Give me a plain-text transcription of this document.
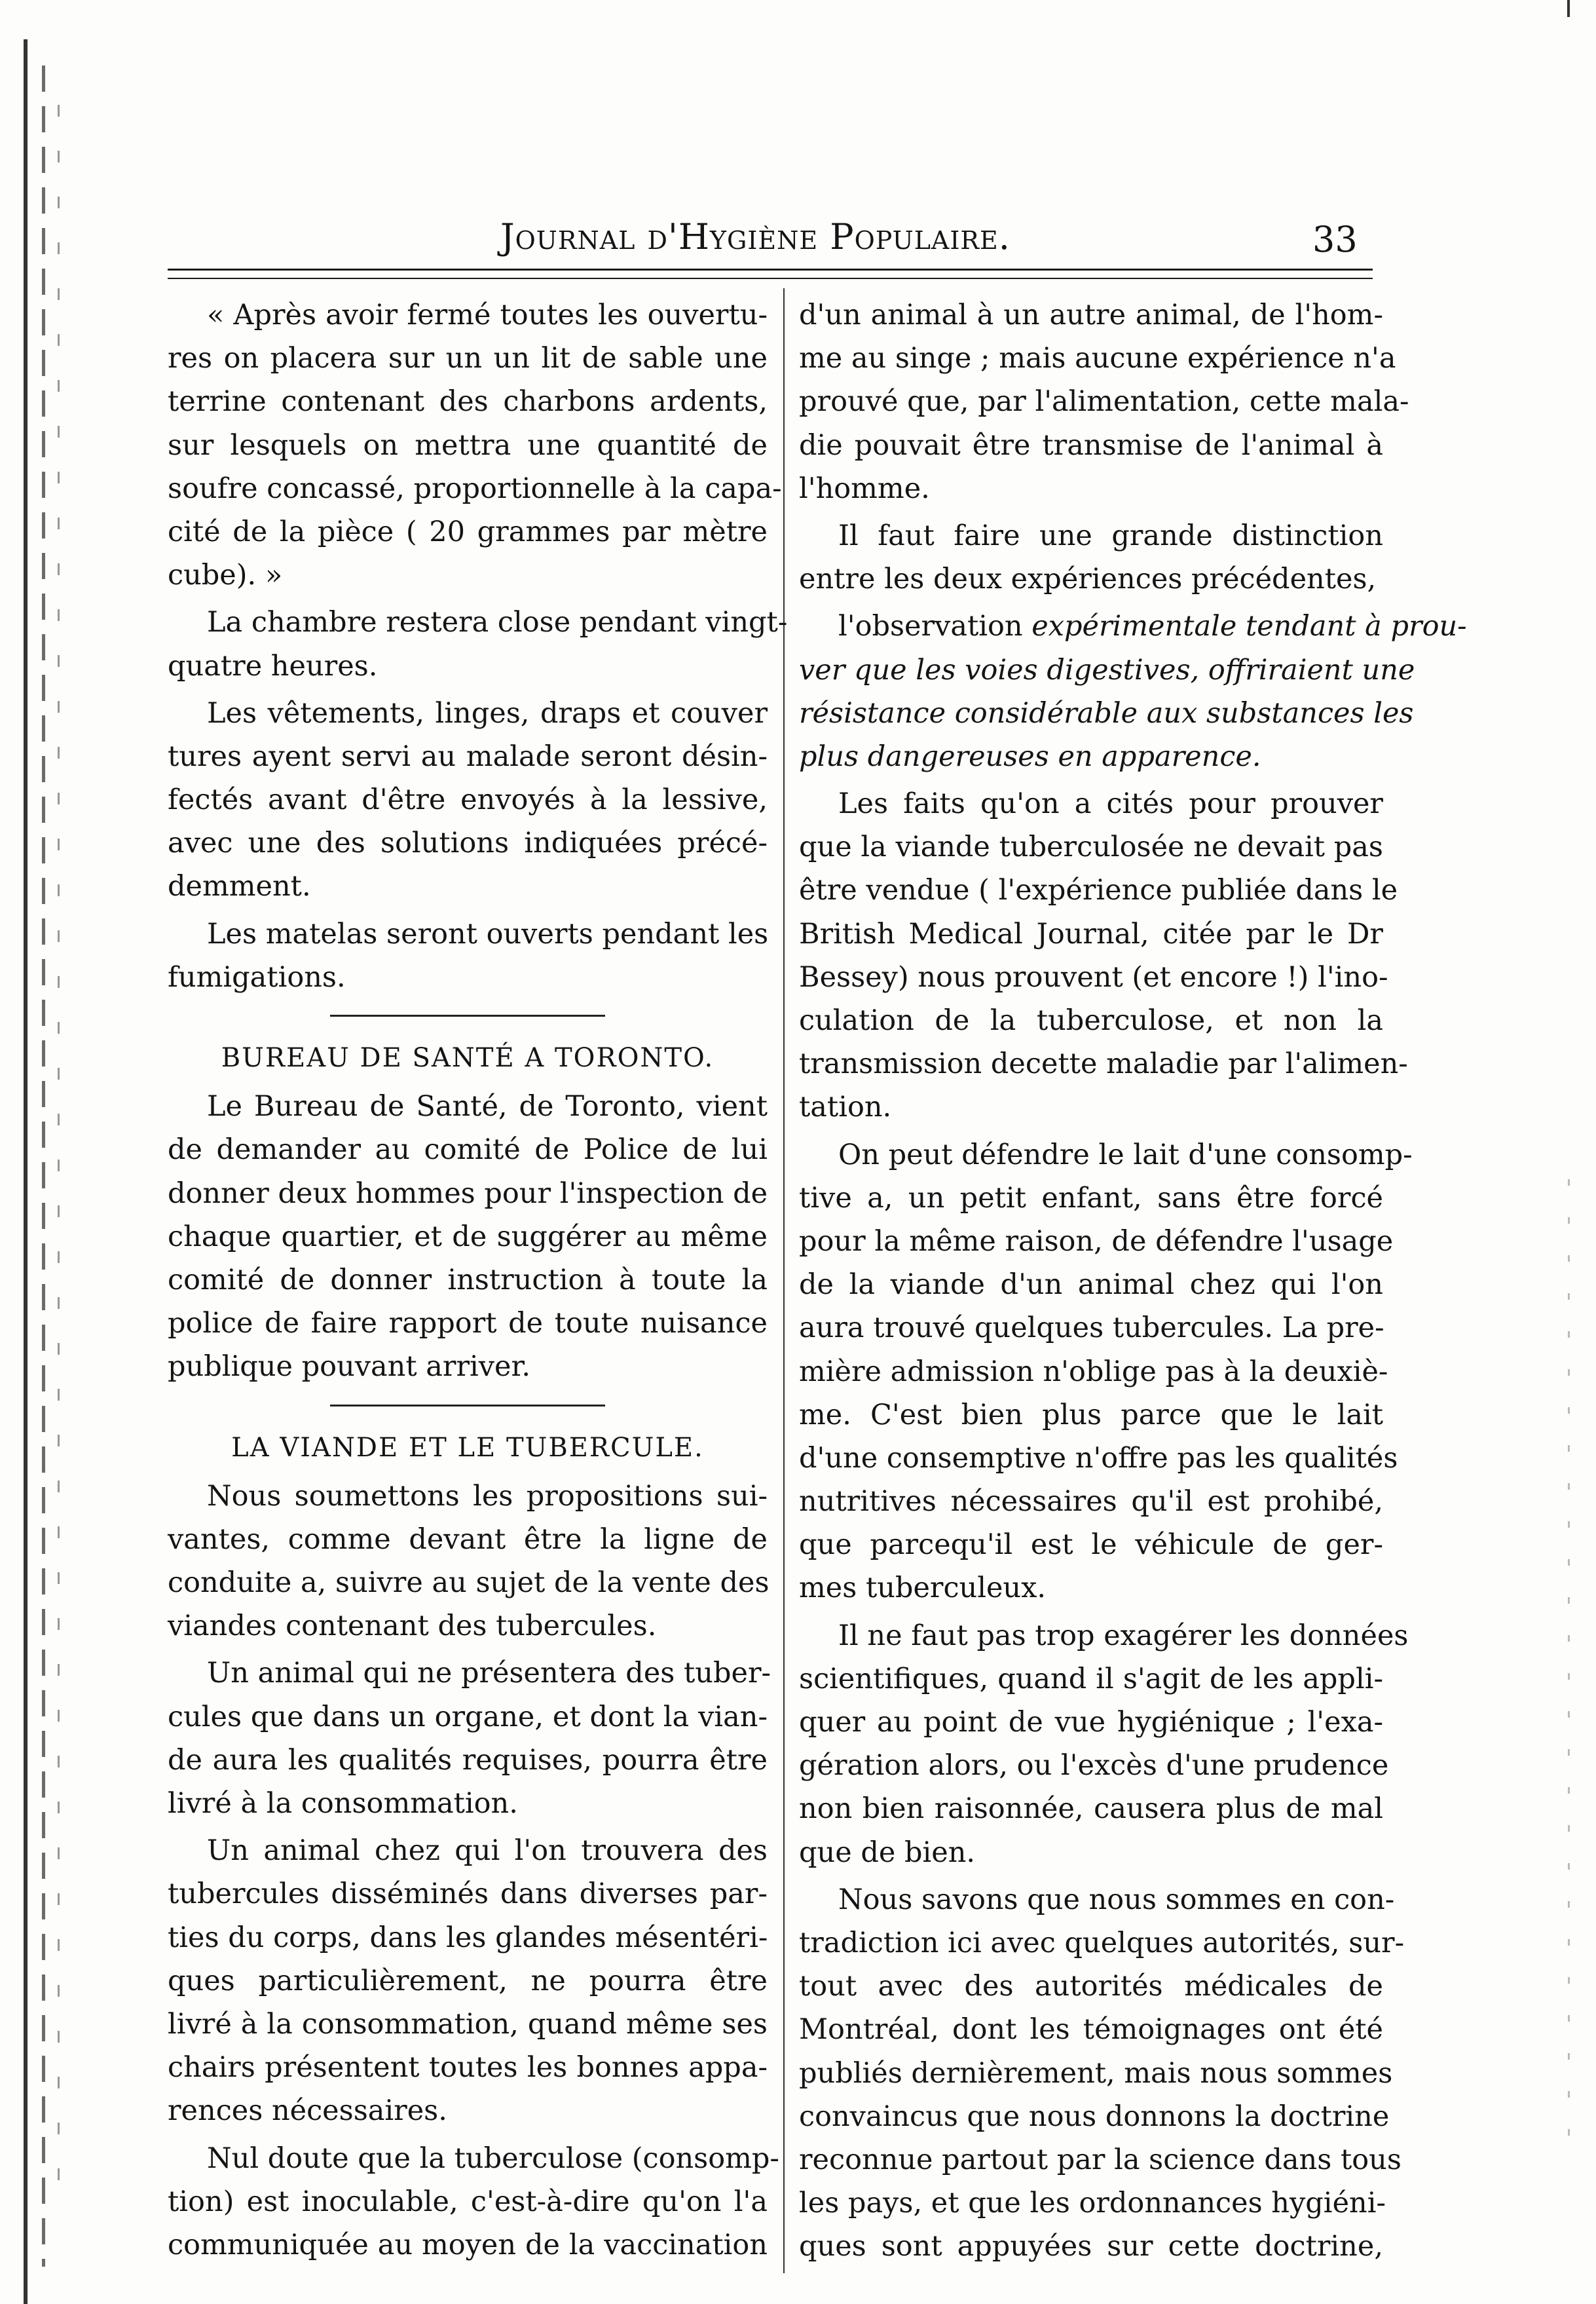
Journal d'Hygiène Populaire.	33
« Après avoir fermé toutes les ouvertu-
res on placera sur un un lit de sable une
terrine contenant des charbons ardents,
sur lesquels on mettra une quantité de
soufre concassé, proportionnelle à la capa-
cité de la pièce ( 20 grammes par mètre
cube). »
La chambre restera close pendant vingt-
quatre heures.
Les vêtements, linges, draps et couver
tures ayent servi au malade seront désin-
fectés avant d'être envoyés à la lessive,
avec une des solutions indiquées précé-
demment.
Les matelas seront ouverts pendant les
fumigations.
BUREAU DE SANTÉ A TORONTO.
Le Bureau de Santé, de Toronto, vient
de demander au comité de Police de lui
donner deux hommes pour l'inspection de
chaque quartier, et de suggérer au même
comité de donner instruction à toute la
police de faire rapport de toute nuisance
publique pouvant arriver.
LA VIANDE ET LE TUBERCULE.
Nous soumettons les propositions sui-
vantes, comme devant être la ligne de
conduite a, suivre au sujet de la vente des
viandes contenant des tubercules.
Un animal qui ne présentera des tuber-
cules que dans un organe, et dont la vian-
de aura les qualités requises, pourra être
livré à la consommation.
Un animal chez qui l'on trouvera des
tubercules disséminés dans diverses par-
ties du corps, dans les glandes mésentéri-
ques particulièrement, ne pourra être
livré à la consommation, quand même ses
chairs présentent toutes les bonnes appa-
rences nécessaires.
Nul doute que la tuberculose (consomp-
tion) est inoculable, c'est-à-dire qu'on l'a
communiquée au moyen de la vaccination
d'un animal à un autre animal, de l'hom-
me au singe ; mais aucune expérience n'a
prouvé que, par l'alimentation, cette mala-
die pouvait être transmise de l'animal à
l'homme.
Il faut faire une grande distinction
entre les deux expériences précédentes,
l'observation expérimentale tendant à prou-
ver que les voies digestives, offriraient une
résistance considérable aux substances les
plus dangereuses en apparence.
Les faits qu'on a cités pour prouver
que la viande tuberculosée ne devait pas
être vendue ( l'expérience publiée dans le
British Medical Journal, citée par le Dr
Bessey) nous prouvent (et encore !) l'ino-
culation de la tuberculose, et non la
transmission decette maladie par l'alimen-
tation.
On peut défendre le lait d'une consomp-
tive a, un petit enfant, sans être forcé
pour la même raison, de défendre l'usage
de la viande d'un animal chez qui l'on
aura trouvé quelques tubercules. La pre-
mière admission n'oblige pas à la deuxiè-
me. C'est bien plus parce que le lait
d'une consemptive n'offre pas les qualités
nutritives nécessaires qu'il est prohibé,
que parcequ'il est le véhicule de ger-
mes tuberculeux.
Il ne faut pas trop exagérer les données
scientifiques, quand il s'agit de les appli-
quer au point de vue hygiénique ; l'exa-
gération alors, ou l'excès d'une prudence
non bien raisonnée, causera plus de mal
que de bien.
Nous savons que nous sommes en con-
tradiction ici avec quelques autorités, sur-
tout avec des autorités médicales de
Montréal, dont les témoignages ont été
publiés dernièrement, mais nous sommes
convaincus que nous donnons la doctrine
reconnue partout par la science dans tous
les pays, et que les ordonnances hygiéni-
ques sont appuyées sur cette doctrine,
